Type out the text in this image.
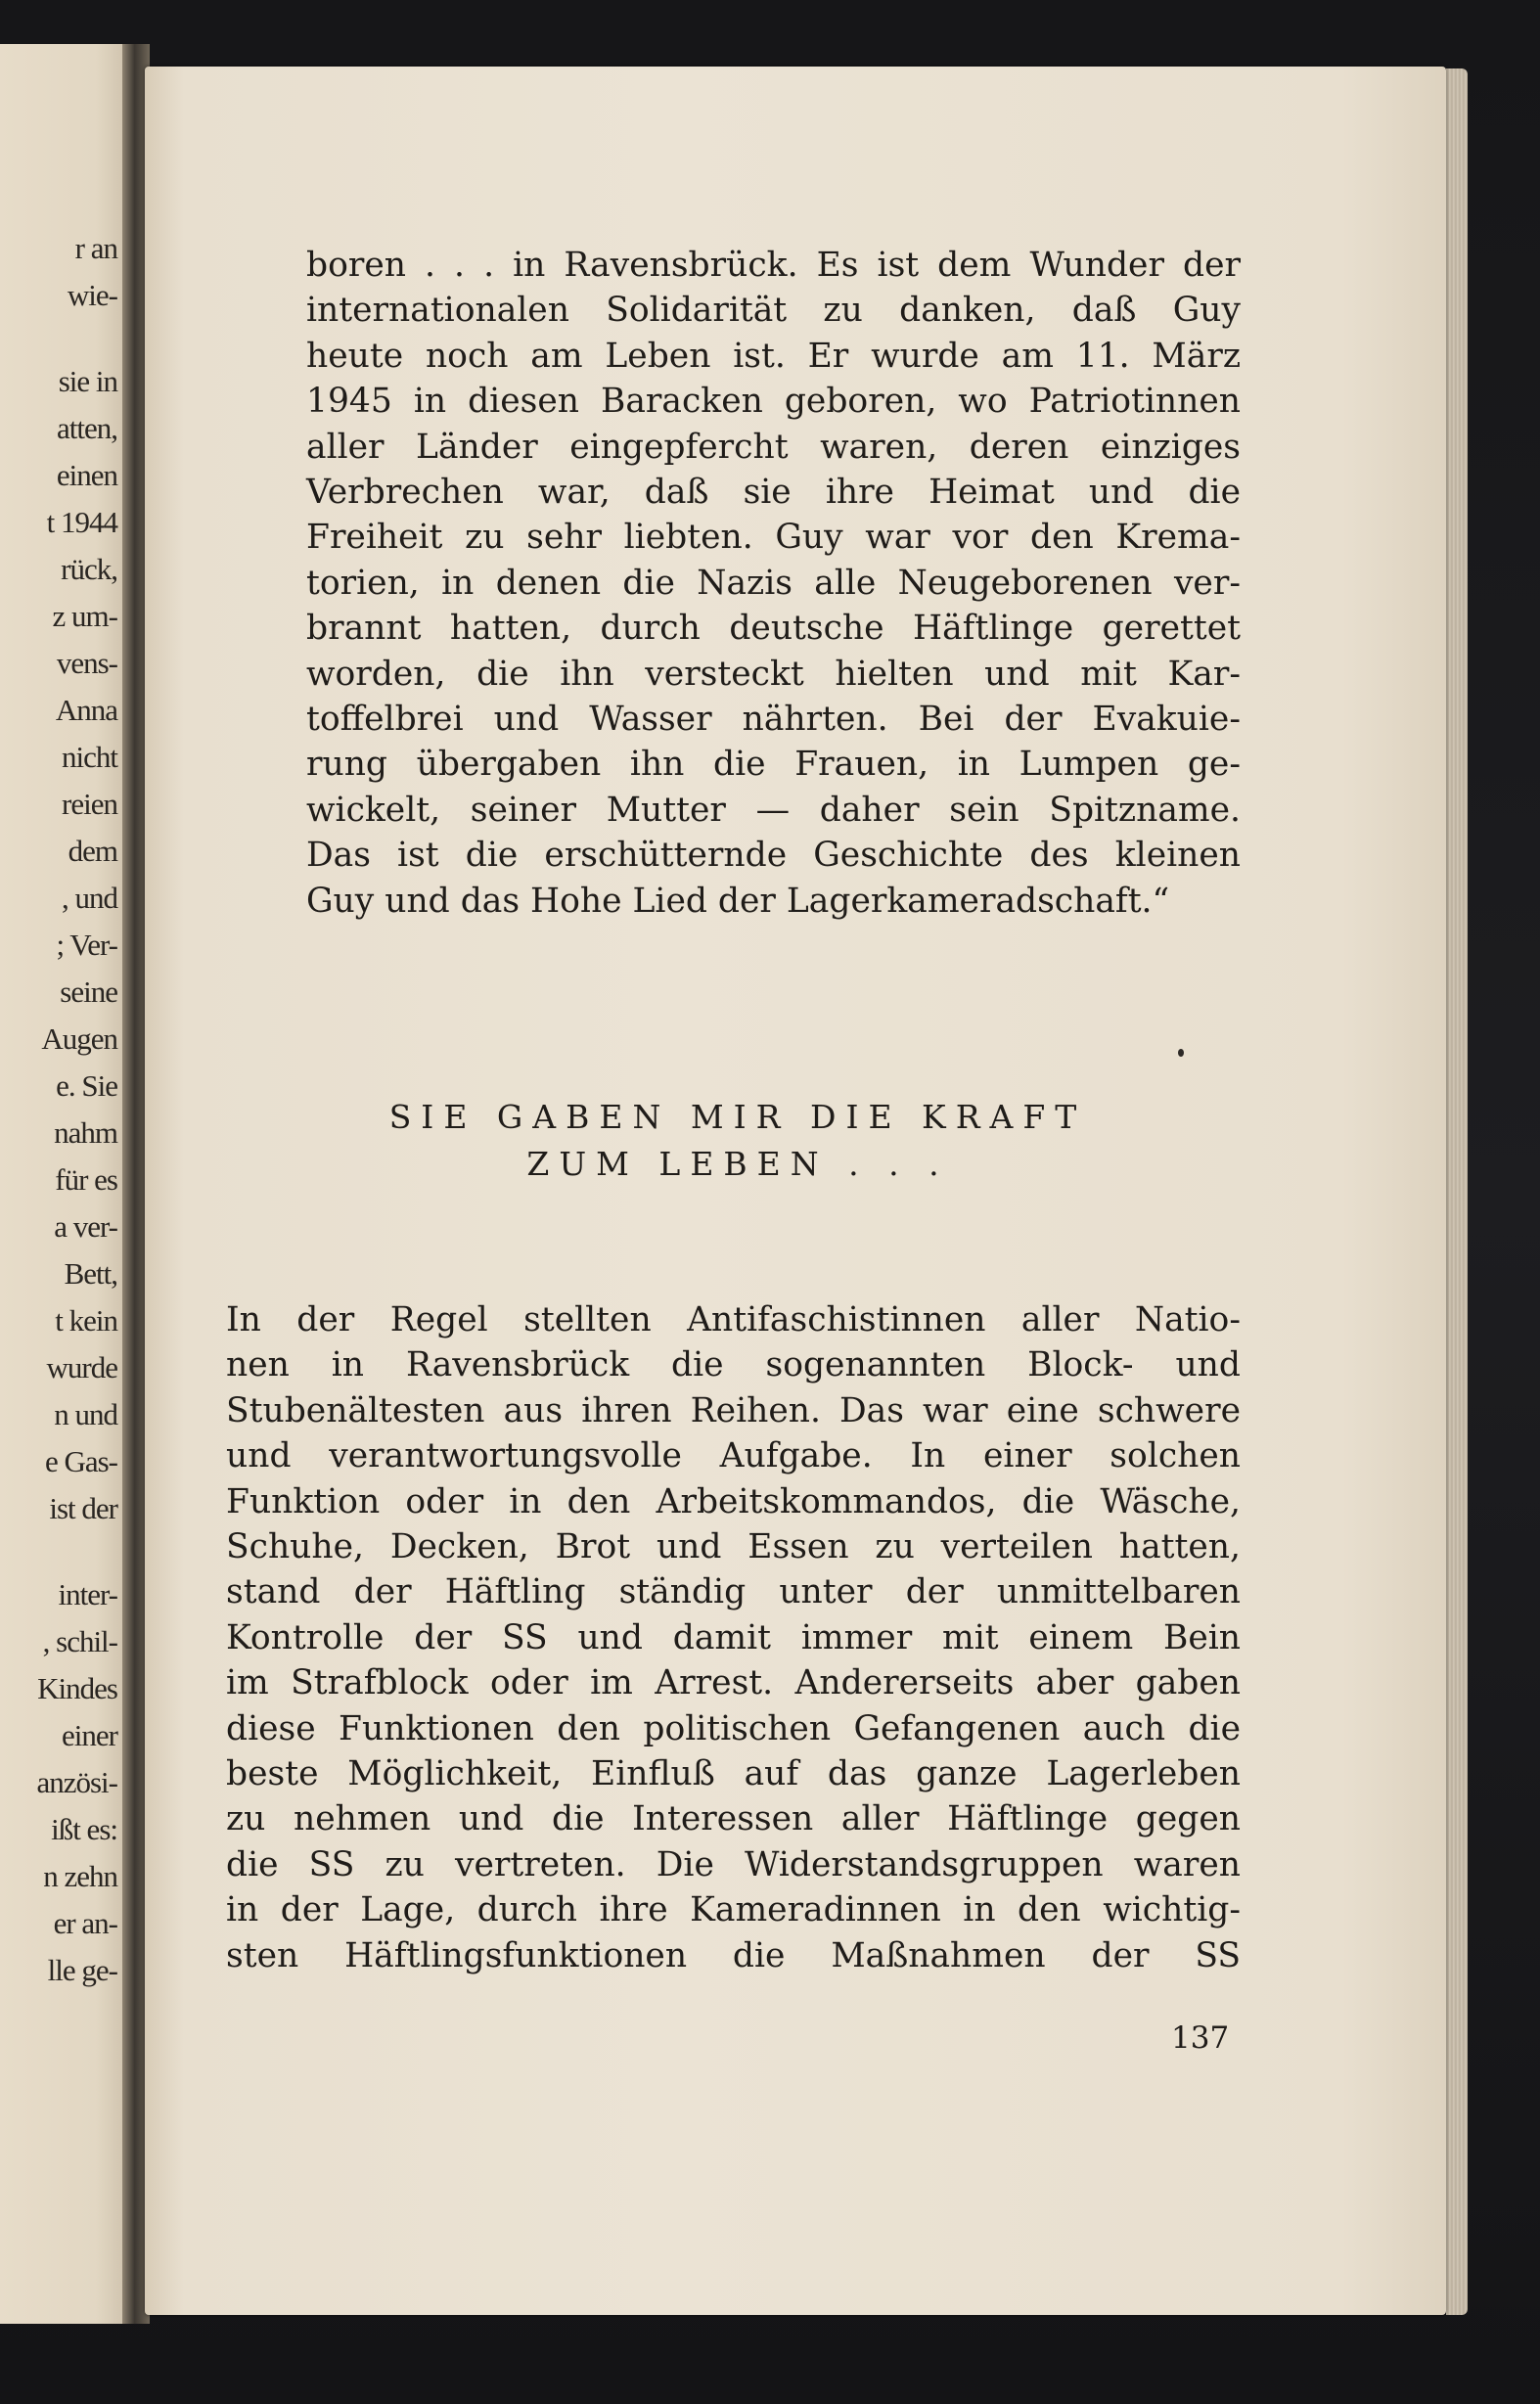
r an
wie-
sie in
atten,
einen
t 1944
rück,
z um-
vens-
Anna
nicht
reien
dem
, und
; Ver-
seine
Augen
e. Sie
nahm
für es
a ver-
Bett,
t kein
wurde
n und
e Gas-
ist der
inter-
, schil-
Kindes
einer
anzösi-
ißt es:
n zehn
er an-
lle ge-
boren . . . in Ravensbrück. Es ist dem Wunder der
internationalen Solidarität zu danken, daß Guy
heute noch am Leben ist. Er wurde am 11. März
1945 in diesen Baracken geboren, wo Patriotinnen
aller Länder eingepfercht waren, deren einziges
Verbrechen war, daß sie ihre Heimat und die
Freiheit zu sehr liebten. Guy war vor den Krema-
torien, in denen die Nazis alle Neugeborenen ver-
brannt hatten, durch deutsche Häftlinge gerettet
worden, die ihn versteckt hielten und mit Kar-
toffelbrei und Wasser nährten. Bei der Evakuie-
rung übergaben ihn die Frauen, in Lumpen ge-
wickelt, seiner Mutter — daher sein Spitzname.
Das ist die erschütternde Geschichte des kleinen
Guy und das Hohe Lied der Lagerkameradschaft.“
SIE GABEN MIR DIE KRAFT
ZUM LEBEN . . .
In der Regel stellten Antifaschistinnen aller Natio-
nen in Ravensbrück die sogenannten Block- und
Stubenältesten aus ihren Reihen. Das war eine schwere
und verantwortungsvolle Aufgabe. In einer solchen
Funktion oder in den Arbeitskommandos, die Wäsche,
Schuhe, Decken, Brot und Essen zu verteilen hatten,
stand der Häftling ständig unter der unmittelbaren
Kontrolle der SS und damit immer mit einem Bein
im Strafblock oder im Arrest. Andererseits aber gaben
diese Funktionen den politischen Gefangenen auch die
beste Möglichkeit, Einfluß auf das ganze Lagerleben
zu nehmen und die Interessen aller Häftlinge gegen
die SS zu vertreten. Die Widerstandsgruppen waren
in der Lage, durch ihre Kameradinnen in den wichtig-
sten Häftlingsfunktionen die Maßnahmen der SS
137
